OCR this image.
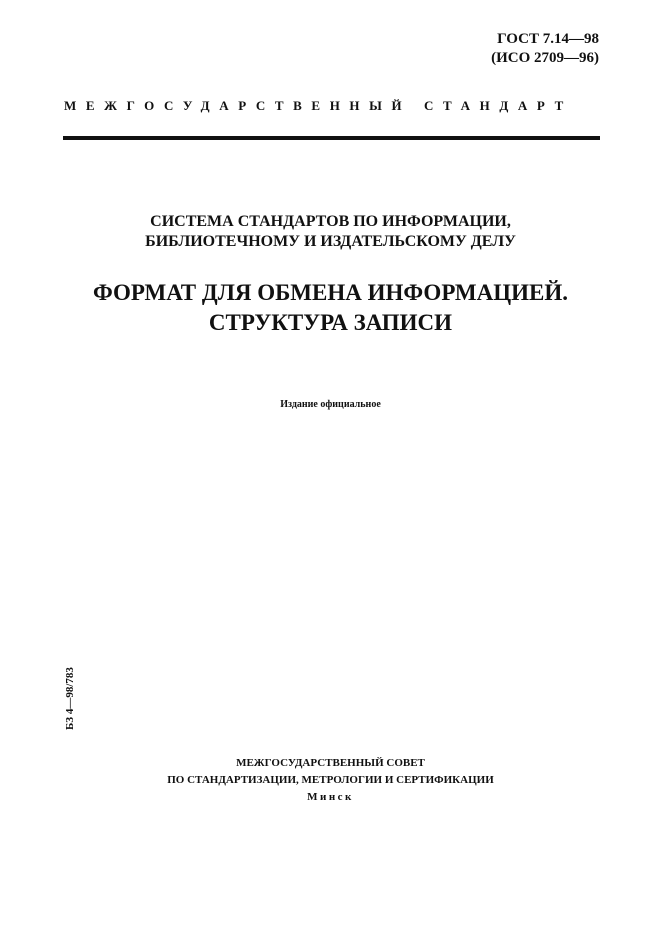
ГОСТ 7.14—98
(ИСО 2709—96)
МЕЖГОСУДАРСТВЕННЫЙ СТАНДАРТ
СИСТЕМА СТАНДАРТОВ ПО ИНФОРМАЦИИ,
БИБЛИОТЕЧНОМУ И ИЗДАТЕЛЬСКОМУ ДЕЛУ
ФОРМАТ ДЛЯ ОБМЕНА ИНФОРМАЦИЕЙ.
СТРУКТУРА ЗАПИСИ
Издание официальное
БЗ 4—98/783
МЕЖГОСУДАРСТВЕННЫЙ СОВЕТ
ПО СТАНДАРТИЗАЦИИ, МЕТРОЛОГИИ И СЕРТИФИКАЦИИ
Минск
